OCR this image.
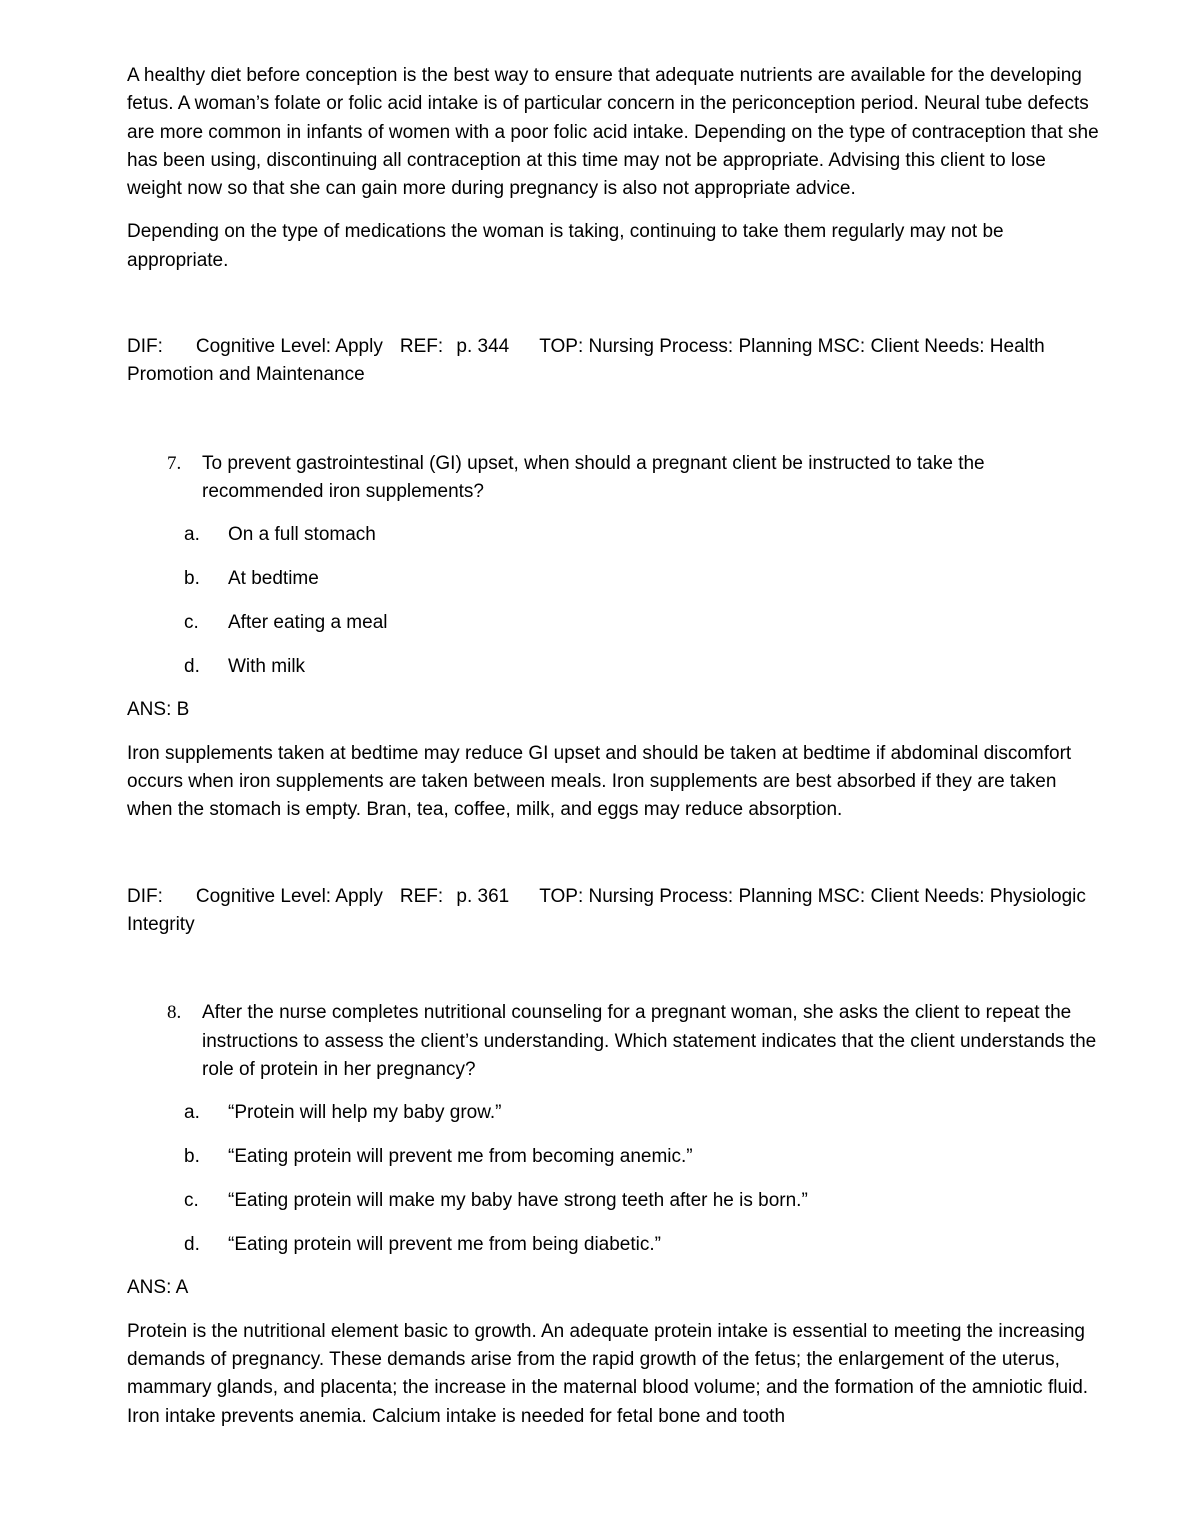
A healthy diet before conception is the best way to ensure that adequate nutrients are available for the developing fetus. A woman’s folate or folic acid intake is of particular concern in the periconception period. Neural tube defects are more common in infants of women with a poor folic acid intake. Depending on the type of contraception that she has been using, discontinuing all contraception at this time may not be appropriate. Advising this client to lose weight now so that she can gain more during pregnancy is also not appropriate advice.

Depending on the type of medications the woman is taking, continuing to take them regularly may not be appropriate.

DIF: Cognitive Level: Apply REF: p. 344 TOP: Nursing Process: Planning MSC: Client Needs: Health Promotion and Maintenance

7.	To prevent gastrointestinal (GI) upset, when should a pregnant client be instructed to take the recommended iron supplements?
a.	On a full stomach
b.	At bedtime
c.	After eating a meal
d.	With milk

ANS: B

Iron supplements taken at bedtime may reduce GI upset and should be taken at bedtime if abdominal discomfort occurs when iron supplements are taken between meals. Iron supplements are best absorbed if they are taken when the stomach is empty. Bran, tea, coffee, milk, and eggs may reduce absorption.

DIF: Cognitive Level: Apply REF: p. 361 TOP: Nursing Process: Planning MSC: Client Needs: Physiologic Integrity

8.	After the nurse completes nutritional counseling for a pregnant woman, she asks the client to repeat the instructions to assess the client’s understanding. Which statement indicates that the client understands the role of protein in her pregnancy?
a.	“Protein will help my baby grow.”
b.	“Eating protein will prevent me from becoming anemic.”
c.	“Eating protein will make my baby have strong teeth after he is born.”
d.	“Eating protein will prevent me from being diabetic.”

ANS: A

Protein is the nutritional element basic to growth. An adequate protein intake is essential to meeting the increasing demands of pregnancy. These demands arise from the rapid growth of the fetus; the enlargement of the uterus, mammary glands, and placenta; the increase in the maternal blood volume; and the formation of the amniotic fluid. Iron intake prevents anemia. Calcium intake is needed for fetal bone and tooth
